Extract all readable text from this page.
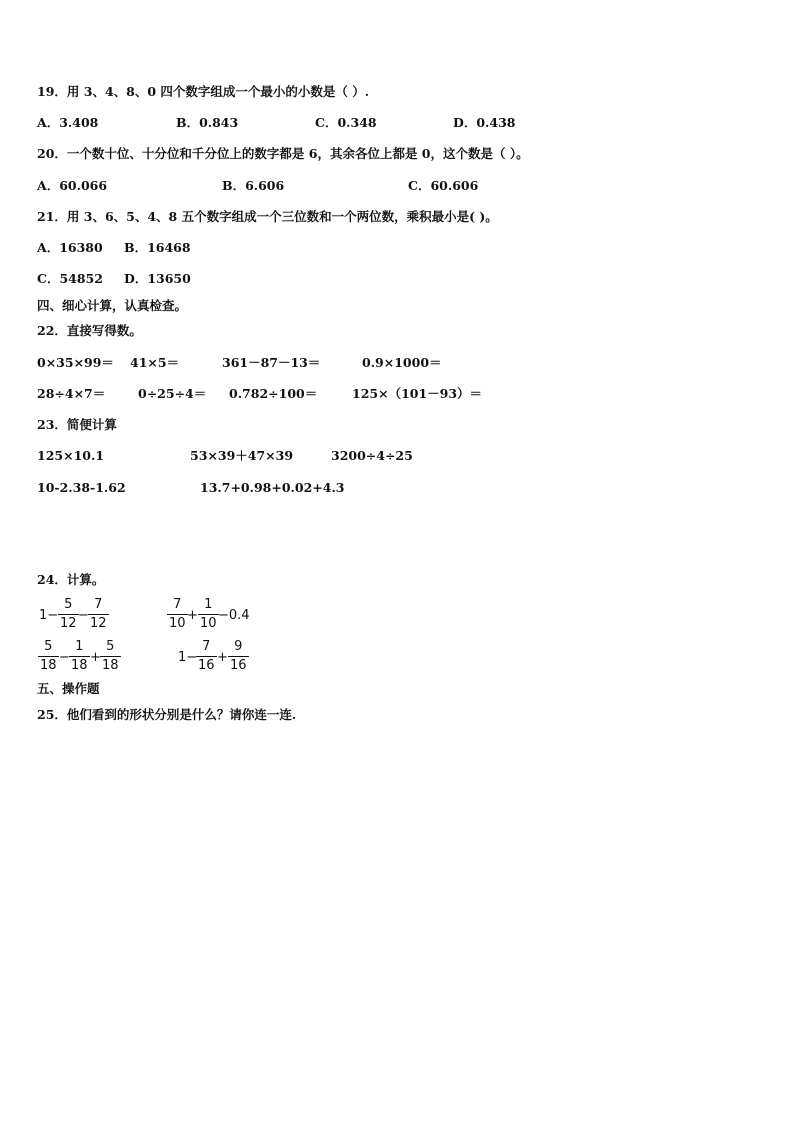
19．用 3、4、8、0 四个数字组成一个最小的小数是（ ）.
A．3.408	B．0.843	C．0.348	D．0.438
20．一个数十位、十分位和千分位上的数字都是 6，其余各位上都是 0，这个数是（ ）。
A．60.066	B．6.606	C．60.606
21．用 3、6、5、4、8 五个数字组成一个三位数和一个两位数，乘积最小是( )。
A．16380 B．16468
C．54852 D．13650
四、细心计算，认真检查。
22．直接写得数。
0×35×99＝ 41×5＝	361－87－13＝	0.9×1000＝
28÷4×7＝	0÷25÷4＝ 0.782÷100＝	125×（101－93）＝
23．简便计算
125×10.1	53×39＋47×39	3200÷4÷25
10-2.38-1.62	13.7+0.98+0.02+4.3
24．计算。
1−
5
12
−
7
12
7
10
+
1
10
−0.4
5
18
−
1
18
+
5
18
1−
7
16
+
9
16
五、操作题
25．他们看到的形状分别是什么？请你连一连.
